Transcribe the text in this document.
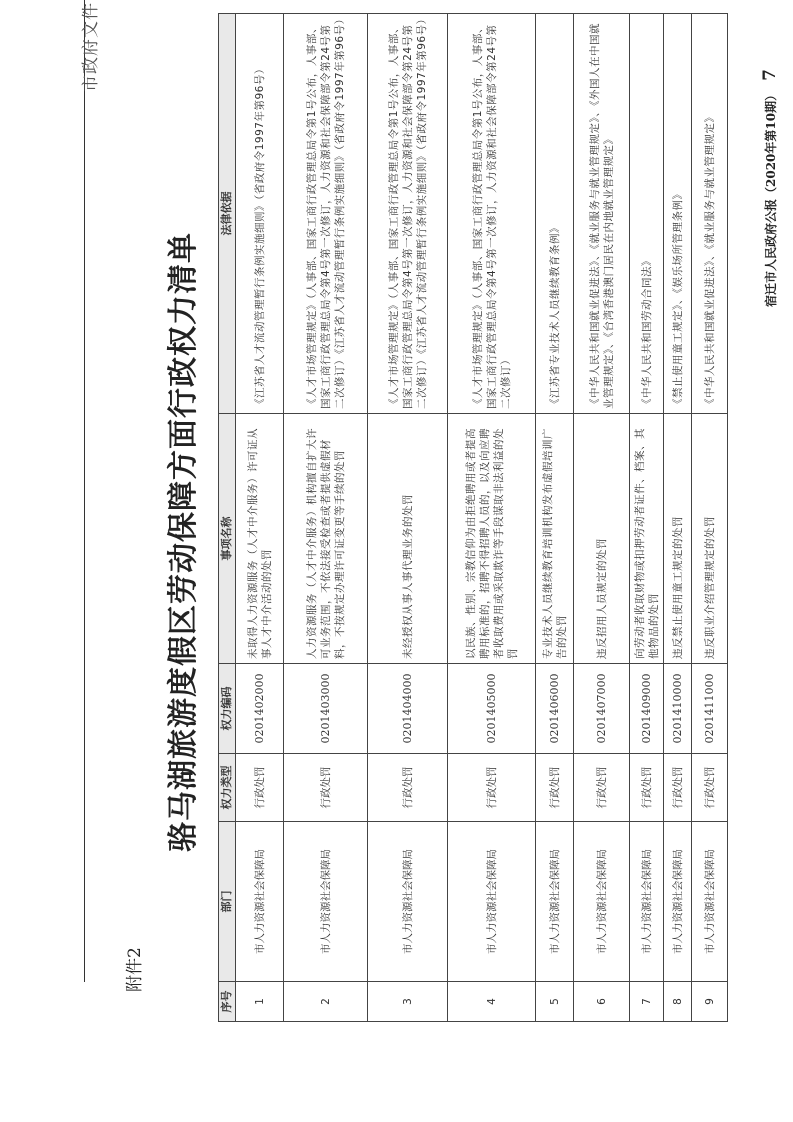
市政府文件
附件2
骆马湖旅游度假区劳动保障方面行政权力清单
序号	部门	权力类型	权力编码	事项名称	法律依据
1	市人力资源社会保障局	行政处罚	0201402000	未取得人力资源服务（人才中介服务）许可证从事人才中介活动的处罚	《江苏省人才流动管理暂行条例实施细则》（省政府令1997年第96号）
2	市人力资源社会保障局	行政处罚	0201403000	人力资源服务（人才中介服务）机构擅自扩大许可业务范围，不依法接受检查或者提供虚假材料，不按规定办理许可证变更等手续的处罚	《人才市场管理规定》（人事部、国家工商行政管理总局令第1号公布，人事部、国家工商行政管理总局令第4号第一次修订，人力资源和社会保障部令第24号第二次修订）《江苏省人才流动管理暂行条例实施细则》（省政府令1997年第96号）
3	市人力资源社会保障局	行政处罚	0201404000	未经授权从事人事代理业务的处罚	《人才市场管理规定》（人事部、国家工商行政管理总局令第1号公布，人事部、国家工商行政管理总局令第4号第一次修订，人力资源和社会保障部令第24号第二次修订）《江苏省人才流动管理暂行条例实施细则》（省政府令1997年第96号）
4	市人力资源社会保障局	行政处罚	0201405000	以民族、性别、宗教信仰为由拒绝聘用或者提高聘用标准的，招聘不得招聘人员的，以及向应聘者收取费用或采取欺诈等手段谋取非法利益的处罚	《人才市场管理规定》（人事部、国家工商行政管理总局令第1号公布，人事部、国家工商行政管理总局令第4号第一次修订，人力资源和社会保障部令第24号第二次修订）
5	市人力资源社会保障局	行政处罚	0201406000	专业技术人员继续教育培训机构发布虚假培训广告的处罚	《江苏省专业技术人员继续教育条例》
6	市人力资源社会保障局	行政处罚	0201407000	违反招用人员规定的处罚	《中华人民共和国就业促进法》、《就业服务与就业管理规定》、《外国人在中国就业管理规定》、《台湾香港澳门居民在内地就业管理规定》
7	市人力资源社会保障局	行政处罚	0201409000	向劳动者收取财物或扣押劳动者证件、档案、其他物品的处罚	《中华人民共和国劳动合同法》
8	市人力资源社会保障局	行政处罚	0201410000	违反禁止使用童工规定的处罚	《禁止使用童工规定》、《娱乐场所管理条例》
9	市人力资源社会保障局	行政处罚	0201411000	违反职业介绍管理规定的处罚	《中华人民共和国就业促进法》、《就业服务与就业管理规定》	宿迁市人民政府公报（2020年第10期）7
